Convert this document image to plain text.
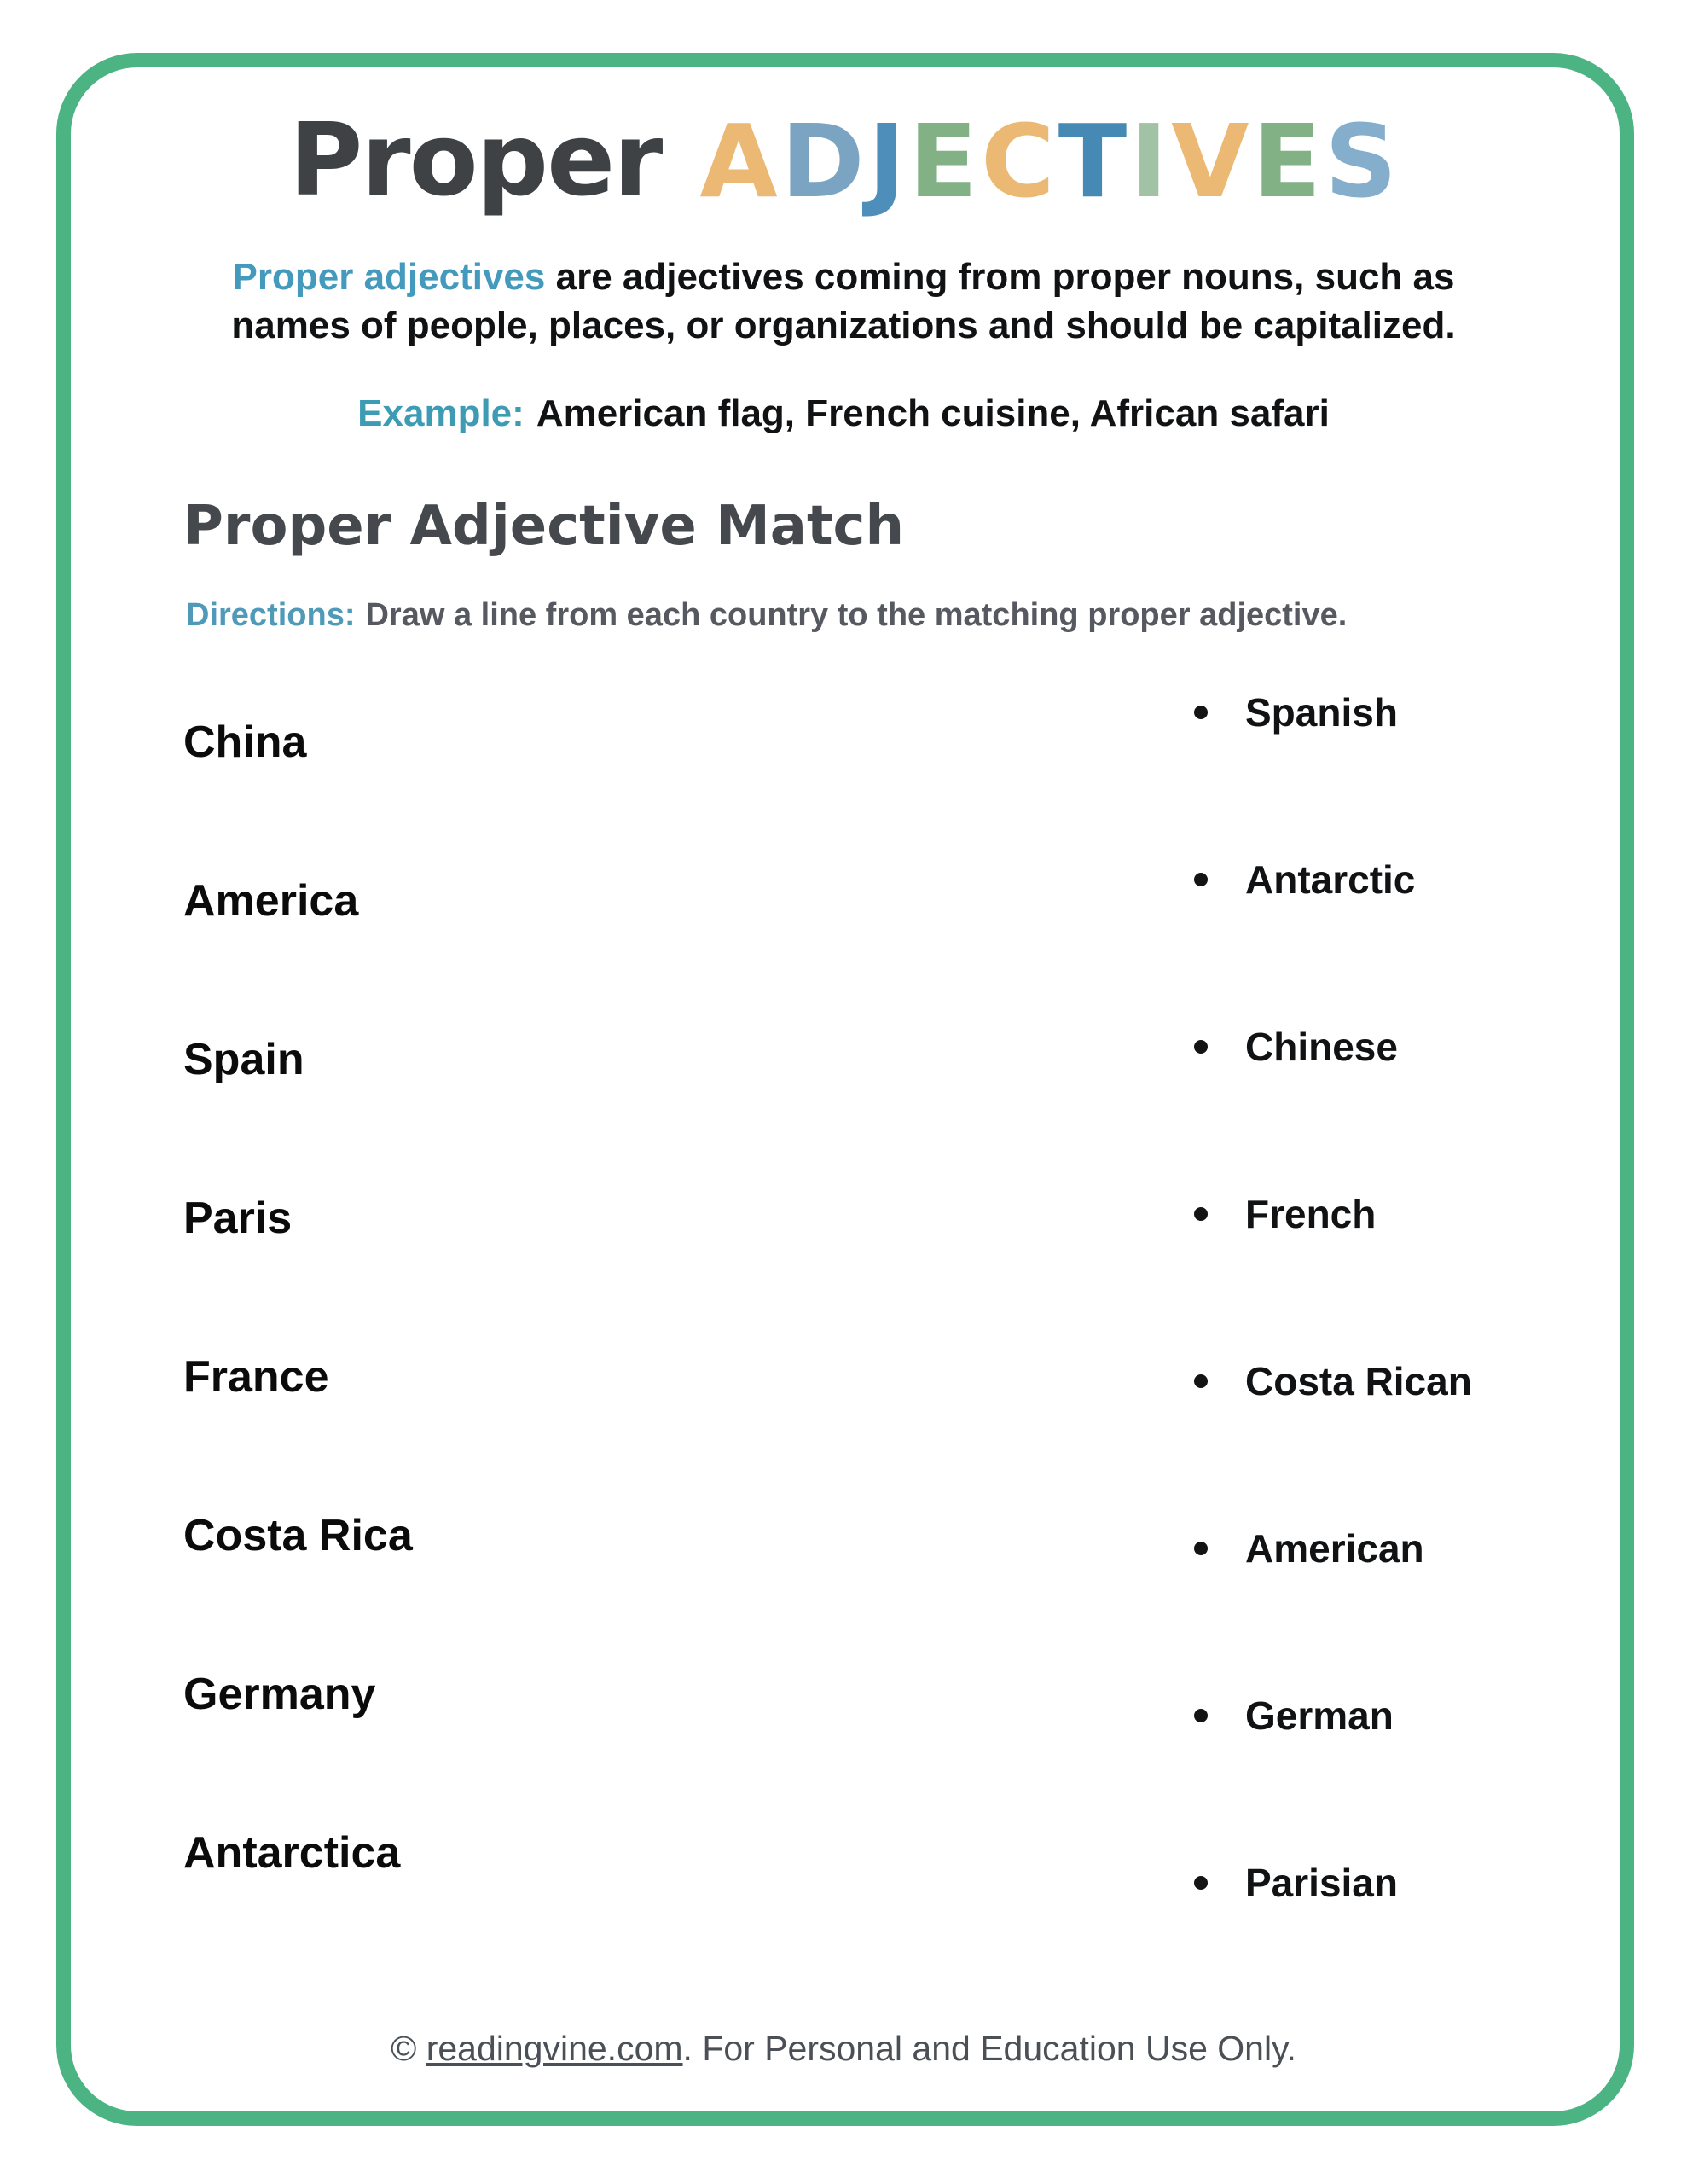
Proper ADJECTIVES

Proper adjectives are adjectives coming from proper nouns, such as
names of people, places, or organizations and should be capitalized.

Example: American flag, French cuisine, African safari

Proper Adjective Match

Directions: Draw a line from each country to the matching proper adjective.

China
America
Spain
Paris
France
Costa Rica
Germany
Antarctica
Spanish
Antarctic
Chinese
French
Costa Rican
American
German
Parisian
© readingvine.com. For Personal and Education Use Only.
